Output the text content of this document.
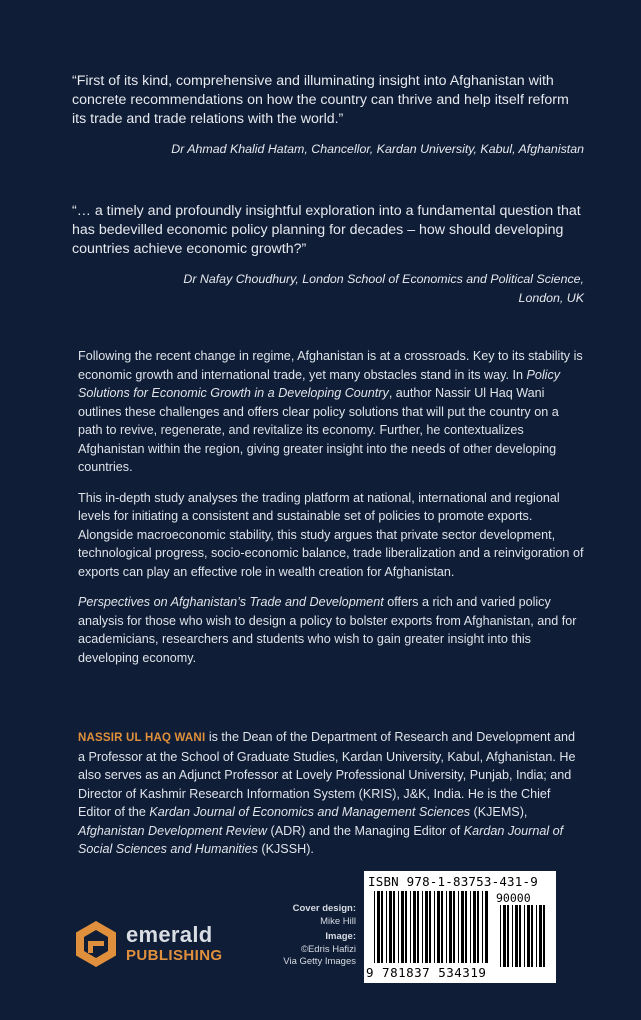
“First of its kind, comprehensive and illuminating insight into Afghanistan with concrete recommendations on how the country can thrive and help itself reform its trade and trade relations with the world.”
Dr Ahmad Khalid Hatam, Chancellor, Kardan University, Kabul, Afghanistan
“… a timely and profoundly insightful exploration into a fundamental question that has bedevilled economic policy planning for decades – how should developing countries achieve economic growth?”
Dr Nafay Choudhury, London School of Economics and Political Science,
London, UK

Following the recent change in regime, Afghanistan is at a crossroads. Key to its stability is economic growth and international trade, yet many obstacles stand in its way. In Policy Solutions for Economic Growth in a Developing Country, author Nassir Ul Haq Wani outlines these challenges and offers clear policy solutions that will put the country on a path to revive, regenerate, and revitalize its economy. Further, he contextualizes Afghanistan within the region, giving greater insight into the needs of other developing countries.

This in-depth study analyses the trading platform at national, international and regional levels for initiating a consistent and sustainable set of policies to promote exports. Alongside macroeconomic stability, this study argues that private sector development, technological progress, socio-economic balance, trade liberalization and a reinvigoration of exports can play an effective role in wealth creation for Afghanistan.

Perspectives on Afghanistan’s Trade and Development offers a rich and varied policy analysis for those who wish to design a policy to bolster exports from Afghanistan, and for academicians, researchers and students who wish to gain greater insight into this developing economy.

NASSIR UL HAQ WANI is the Dean of the Department of Research and Development and a Professor at the School of Graduate Studies, Kardan University, Kabul, Afghanistan. He also serves as an Adjunct Professor at Lovely Professional University, Punjab, India; and Director of Kashmir Research Information System (KRIS), J&K, India. He is the Chief Editor of the Kardan Journal of Economics and Management Sciences (KJEMS), Afghanistan Development Review (ADR) and the Managing Editor of Kardan Journal of Social Sciences and Humanities (KJSSH).
emerald
PUBLISHING
Cover design:
Mike Hill
Image:
©Edris Hafizi
Via Getty Images
ISBN 978-1-83753-431-9
90000
9 781837 534319
